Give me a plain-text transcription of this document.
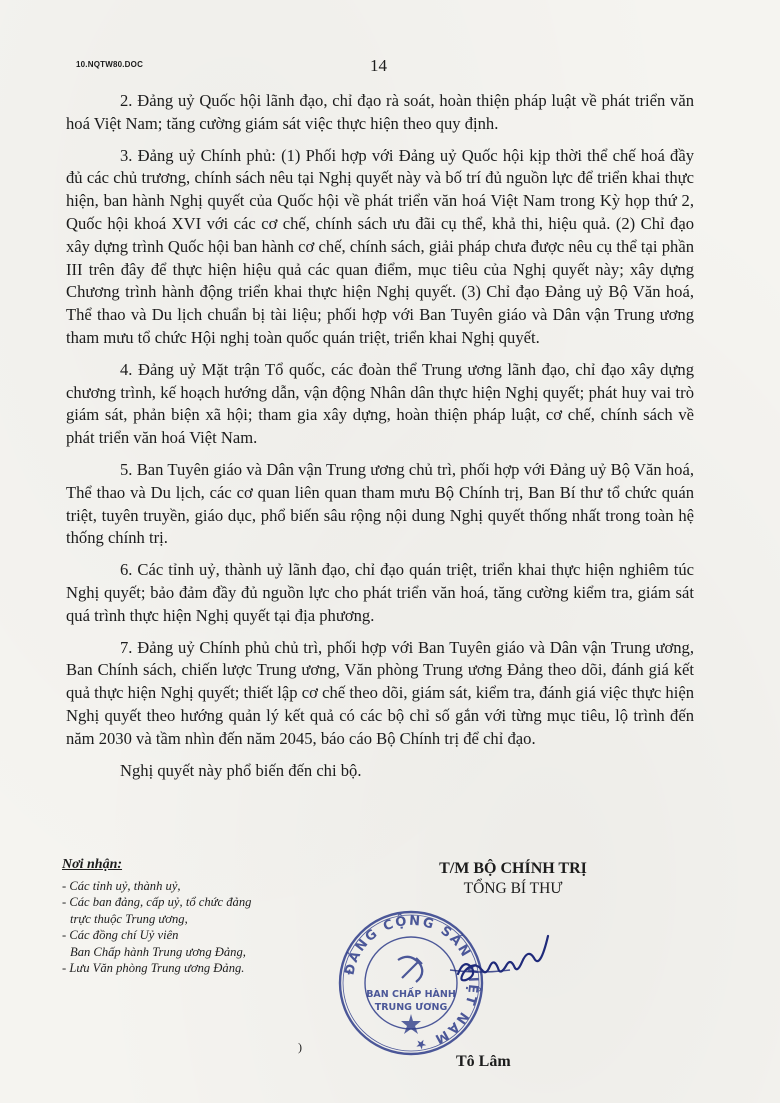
10.NQTW80.DOC	14

2. Đảng uỷ Quốc hội lãnh đạo, chỉ đạo rà soát, hoàn thiện pháp luật về phát triển văn hoá Việt Nam; tăng cường giám sát việc thực hiện theo quy định.

3. Đảng uỷ Chính phủ: (1) Phối hợp với Đảng uỷ Quốc hội kịp thời thể chế hoá đầy đủ các chủ trương, chính sách nêu tại Nghị quyết này và bố trí đủ nguồn lực để triển khai thực hiện, ban hành Nghị quyết của Quốc hội về phát triển văn hoá Việt Nam trong Kỳ họp thứ 2, Quốc hội khoá XVI với các cơ chế, chính sách ưu đãi cụ thể, khả thi, hiệu quả. (2) Chỉ đạo xây dựng trình Quốc hội ban hành cơ chế, chính sách, giải pháp chưa được nêu cụ thể tại phần III trên đây để thực hiện hiệu quả các quan điểm, mục tiêu của Nghị quyết này; xây dựng Chương trình hành động triển khai thực hiện Nghị quyết. (3) Chỉ đạo Đảng uỷ Bộ Văn hoá, Thể thao và Du lịch chuẩn bị tài liệu; phối hợp với Ban Tuyên giáo và Dân vận Trung ương tham mưu tổ chức Hội nghị toàn quốc quán triệt, triển khai Nghị quyết.

4. Đảng uỷ Mặt trận Tổ quốc, các đoàn thể Trung ương lãnh đạo, chỉ đạo xây dựng chương trình, kế hoạch hướng dẫn, vận động Nhân dân thực hiện Nghị quyết; phát huy vai trò giám sát, phản biện xã hội; tham gia xây dựng, hoàn thiện pháp luật, cơ chế, chính sách về phát triển văn hoá Việt Nam.

5. Ban Tuyên giáo và Dân vận Trung ương chủ trì, phối hợp với Đảng uỷ Bộ Văn hoá, Thể thao và Du lịch, các cơ quan liên quan tham mưu Bộ Chính trị, Ban Bí thư tổ chức quán triệt, tuyên truyền, giáo dục, phổ biến sâu rộng nội dung Nghị quyết thống nhất trong toàn hệ thống chính trị.

6. Các tỉnh uỷ, thành uỷ lãnh đạo, chỉ đạo quán triệt, triển khai thực hiện nghiêm túc Nghị quyết; bảo đảm đầy đủ nguồn lực cho phát triển văn hoá, tăng cường kiểm tra, giám sát quá trình thực hiện Nghị quyết tại địa phương.

7. Đảng uỷ Chính phủ chủ trì, phối hợp với Ban Tuyên giáo và Dân vận Trung ương, Ban Chính sách, chiến lược Trung ương, Văn phòng Trung ương Đảng theo dõi, đánh giá kết quả thực hiện Nghị quyết; thiết lập cơ chế theo dõi, giám sát, kiểm tra, đánh giá việc thực hiện Nghị quyết theo hướng quản lý kết quả có các bộ chỉ số gắn với từng mục tiêu, lộ trình đến năm 2030 và tầm nhìn đến năm 2045, báo cáo Bộ Chính trị để chỉ đạo.

Nghị quyết này phổ biến đến chi bộ.

Nơi nhận:

- Các tỉnh uỷ, thành uỷ,

- Các ban đảng, cấp uỷ, tổ chức đảng

trực thuộc Trung ương,

- Các đồng chí Uỷ viên

Ban Chấp hành Trung ương Đảng,

- Lưu Văn phòng Trung ương Đảng.

T/M BỘ CHÍNH TRỊ
TỔNG BÍ THƯ
ĐẢNG CỘNG SẢN VIỆT NAM ★
BAN CHẤP HÀNH
TRUNG ƯƠNG
)
Tô Lâm
